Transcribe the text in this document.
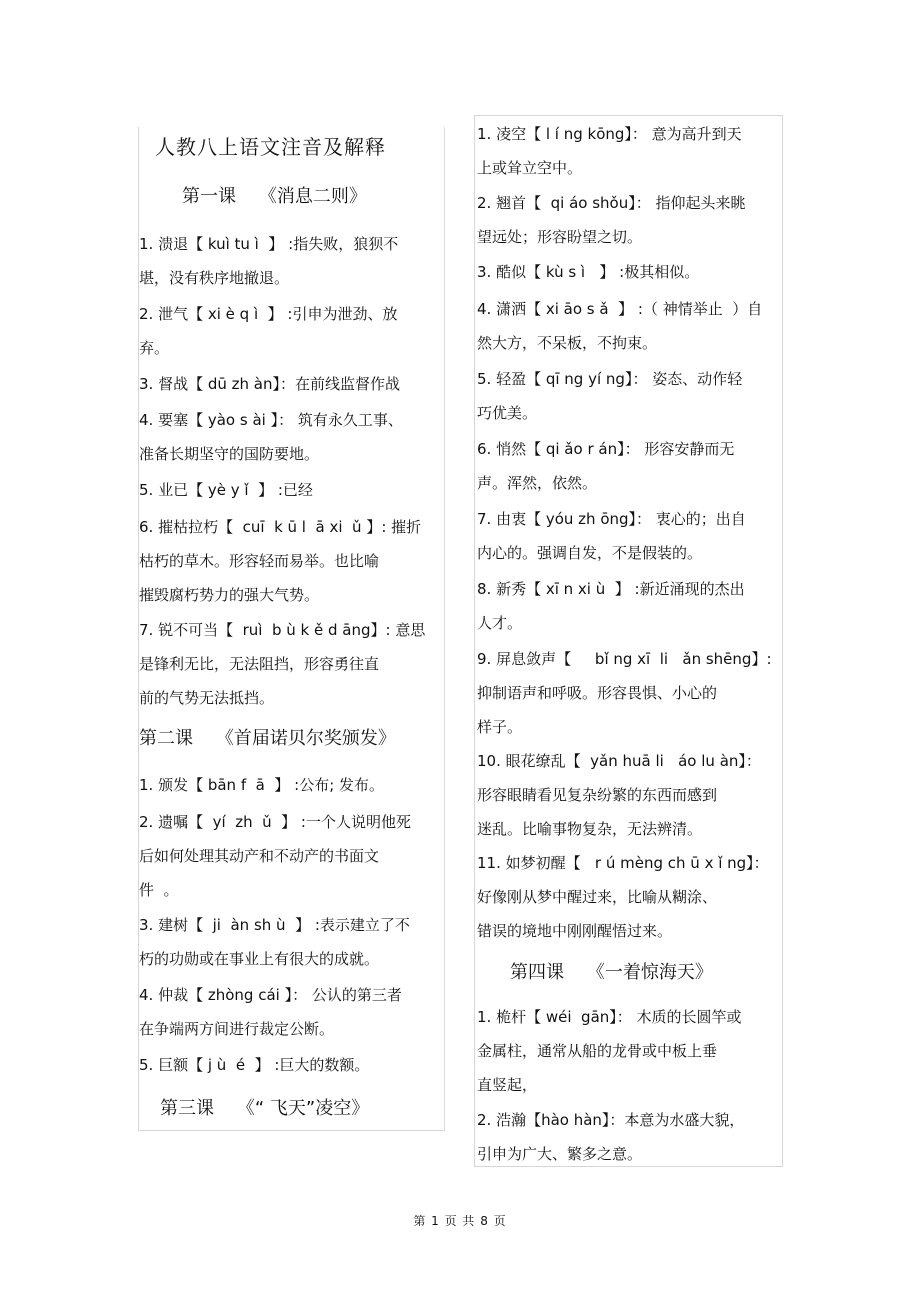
人教八上语文注音及解释
第一课    《消息二则》
第二课    《首届诺贝尔奖颁发》
第三课    《“ 飞天”凌空》
第四课    《一着惊海天》
1. 溃退【 kuì tu ì  】 :指失败，狼狈不
堪，没有秩序地撤退。
2. 泄气【 xi è q ì  】 :引申为泄劲、放
弃。
3. 督战【 dū zh àn】：在前线监督作战
4. 要塞【 yào s ài 】： 筑有永久工事、
准备长期坚守的国防要地。
5. 业已【 yè y ǐ  】 :已经
6. 摧枯拉朽【  cuī  k ū l  ā xi  ǔ 】: 摧折
枯朽的草木。形容轻而易举。也比喻
摧毁腐朽势力的强大气势。
7. 锐不可当【  ruì  b ù k ě d āng】: 意思
是锋利无比，无法阻挡，形容勇往直
前的气势无法抵挡。
1. 颁发【 bān f  ā  】 :公布; 发布。
2. 遗嘱【  yí  zh  ǔ  】 :一个人说明他死
后如何处理其动产和不动产的书面文
件  。
3. 建树【  ji  àn sh ù  】 :表示建立了不
朽的功勋或在事业上有很大的成就。
4. 仲裁【 zhòng cái 】： 公认的第三者
在争端两方间进行裁定公断。
5. 巨额【 j ù  é  】 :巨大的数额。
1. 凌空【 l í ng kōng】： 意为高升到天
上或耸立空中。
2. 翘首【  qi áo shǒu】： 指仰起头来眺
望远处；形容盼望之切。
3. 酷似【 kù s ì   】 :极其相似。
4. 潇洒【 xi āo s ǎ  】 :（ 神情举止  ）自
然大方，不呆板，不拘束。
5. 轻盈【 qī ng yí ng】： 姿态、动作轻
巧优美。
6. 悄然【 qi ǎo r án】： 形容安静而无
声。浑然，依然。
7. 由衷【 yóu zh ōng】： 衷心的；出自
内心的。强调自发，不是假装的。
8. 新秀【 xī n xi ù  】 :新近涌现的杰出
人才。
9. 屏息敛声【     bǐ ng xī  li   ǎn shēng】:
抑制语声和呼吸。形容畏惧、小心的
样子。
10. 眼花缭乱【  yǎn huā li   áo lu àn】：
形容眼睛看见复杂纷繁的东西而感到
迷乱。比喻事物复杂，无法辨清。
11. 如梦初醒【   r ú mèng ch ū x ǐ ng】：
好像刚从梦中醒过来，比喻从糊涂、
错误的境地中刚刚醒悟过来。
1. 桅杆【 wéi  gān】： 木质的长圆竿或
金属柱，通常从船的龙骨或中板上垂
直竖起，
2. 浩瀚【hào hàn】：本意为水盛大貌，
引申为广大、繁多之意。
第 1 页 共 8 页
